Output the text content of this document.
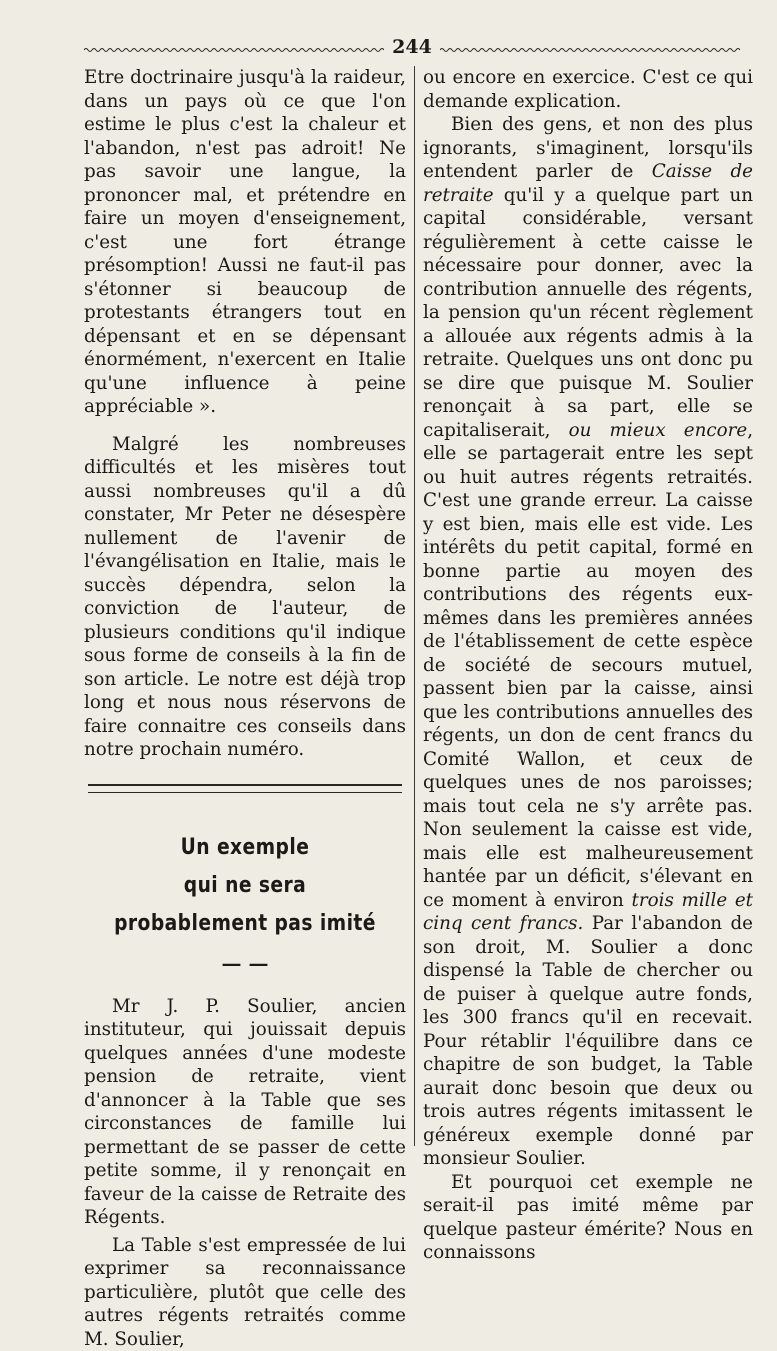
244

Etre doctrinaire jusqu'à la raideur, dans un pays où ce que l'on estime le plus c'est la chaleur et l'abandon, n'est pas adroit! Ne pas savoir une langue, la prononcer mal, et prétendre en faire un moyen d'enseignement, c'est une fort étrange présomption! Aussi ne faut-il pas s'étonner si beaucoup de protestants étrangers tout en dépensant et en se dépensant énormément, n'exercent en Italie qu'une influence à peine appréciable ».

Malgré les nombreuses difficultés et les misères tout aussi nombreuses qu'il a dû constater, Mr Peter ne désespère nullement de l'avenir de l'évangélisation en Italie, mais le succès dépendra, selon la conviction de l'auteur, de plusieurs conditions qu'il indique sous forme de conseils à la fin de son article. Le notre est déjà trop long et nous nous réservons de faire connaitre ces conseils dans notre prochain numéro.

Un exemple
qui ne sera probablement pas imité
— —

Mr J. P. Soulier, ancien instituteur, qui jouissait depuis quelques années d'une modeste pension de retraite, vient d'annoncer à la Table que ses circonstances de famille lui permettant de se passer de cette petite somme, il y renonçait en faveur de la caisse de Retraite des Régents.

La Table s'est empressée de lui exprimer sa reconnaissance particulière, plutôt que celle des autres régents retraités comme M. Soulier,

ou encore en exercice. C'est ce qui demande explication.

Bien des gens, et non des plus ignorants, s'imaginent, lorsqu'ils entendent parler de Caisse de retraite qu'il y a quelque part un capital considérable, versant régulièrement à cette caisse le nécessaire pour donner, avec la contribution annuelle des régents, la pension qu'un récent règlement a allouée aux régents admis à la retraite. Quelques uns ont donc pu se dire que puisque M. Soulier renonçait à sa part, elle se capitaliserait, ou mieux encore, elle se partagerait entre les sept ou huit autres régents retraités. C'est une grande erreur. La caisse y est bien, mais elle est vide. Les intérêts du petit capital, formé en bonne partie au moyen des contributions des régents eux-mêmes dans les premières années de l'établissement de cette espèce de société de secours mutuel, passent bien par la caisse, ainsi que les contributions annuelles des régents, un don de cent francs du Comité Wallon, et ceux de quelques unes de nos paroisses; mais tout cela ne s'y arrête pas. Non seulement la caisse est vide, mais elle est malheureusement hantée par un déficit, s'élevant en ce moment à environ trois mille et cinq cent francs. Par l'abandon de son droit, M. Soulier a donc dispensé la Table de chercher ou de puiser à quelque autre fonds, les 300 francs qu'il en recevait. Pour rétablir l'équilibre dans ce chapitre de son budget, la Table aurait donc besoin que deux ou trois autres régents imitassent le généreux exemple donné par monsieur Soulier.

Et pourquoi cet exemple ne serait-il pas imité même par quelque pasteur émérite? Nous en connaissons
